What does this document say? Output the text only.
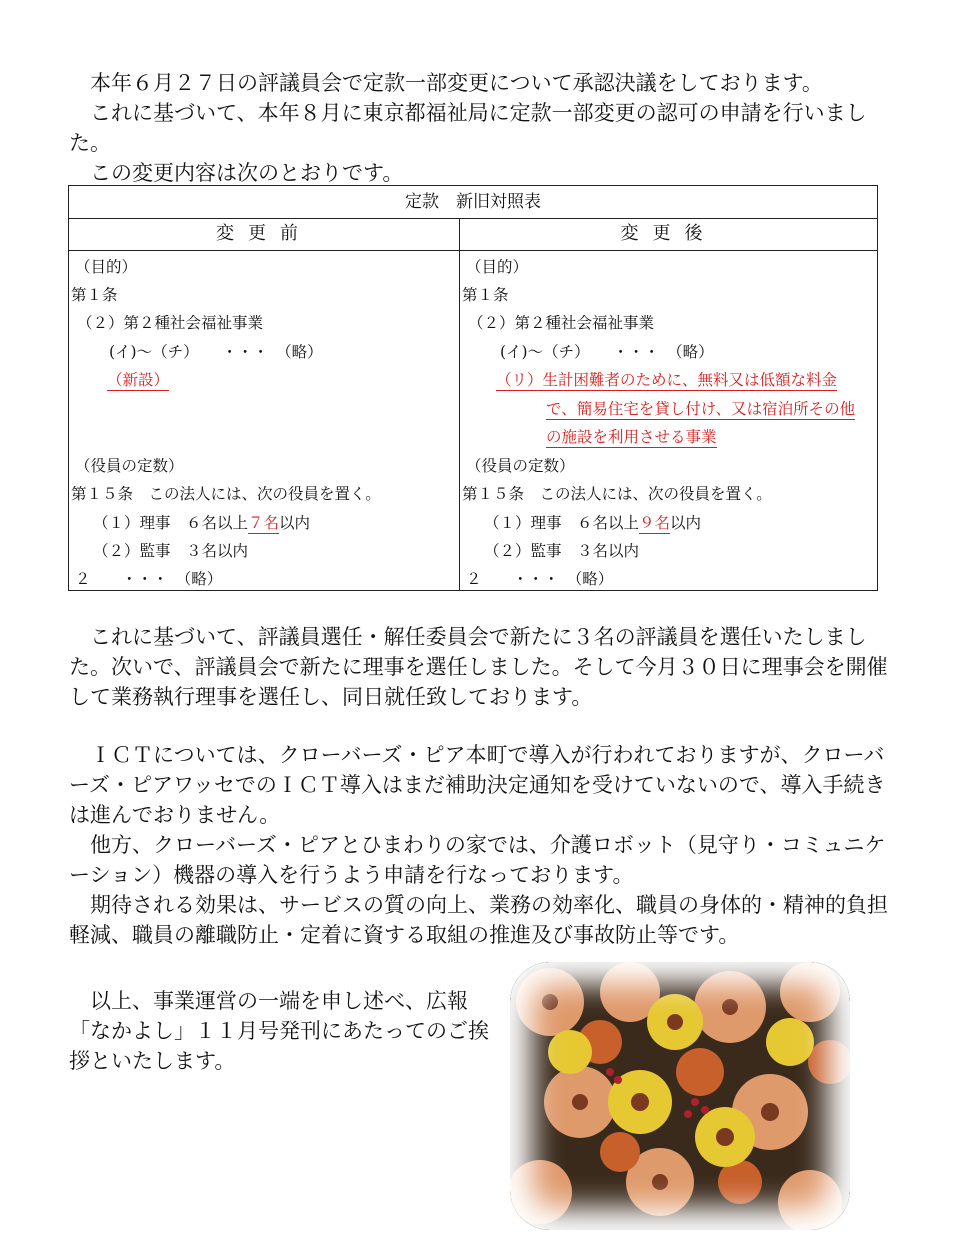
本年６月２７日の評議員会で定款一部変更について承認決議をしております。

これに基づいて、本年８月に東京都福祉局に定款一部変更の認可の申請を行いました。

この変更内容は次のとおりです。

定款　新旧対照表
変更前	変更後
（目的）
第１条
（２）第２種社会福祉事業
(イ)～（チ）　　・・・　（略）
（新設）
（役員の定数）
第１５条　この法人には、次の役員を置く。
（１）理事　６名以上７名以内
（２）監事　３名以内
２　　・・・　（略）
（目的）
第１条
（２）第２種社会福祉事業
(イ)～（チ）　　・・・　（略）
（リ）生計困難者のために、無料又は低額な料金
で、簡易住宅を貸し付け、又は宿泊所その他
の施設を利用させる事業
（役員の定数）
第１５条　この法人には、次の役員を置く。
（１）理事　６名以上９名以内
（２）監事　３名以内
２　　・・・　（略）

これに基づいて、評議員選任・解任委員会で新たに３名の評議員を選任いたしました。次いで、評議員会で新たに理事を選任しました。そして今月３０日に理事会を開催して業務執行理事を選任し、同日就任致しております。

ＩＣＴについては、クローバーズ・ピア本町で導入が行われておりますが、クローバーズ・ピアワッセでのＩＣＴ導入はまだ補助決定通知を受けていないので、導入手続きは進んでおりません。

他方、クローバーズ・ピアとひまわりの家では、介護ロボット（見守り・コミュニケーション）機器の導入を行うよう申請を行なっております。

期待される効果は、サービスの質の向上、業務の効率化、職員の身体的・精神的負担軽減、職員の離職防止・定着に資する取組の推進及び事故防止等です。

以上、事業運営の一端を申し述べ、広報「なかよし」１１月号発刊にあたってのご挨拶といたします。
